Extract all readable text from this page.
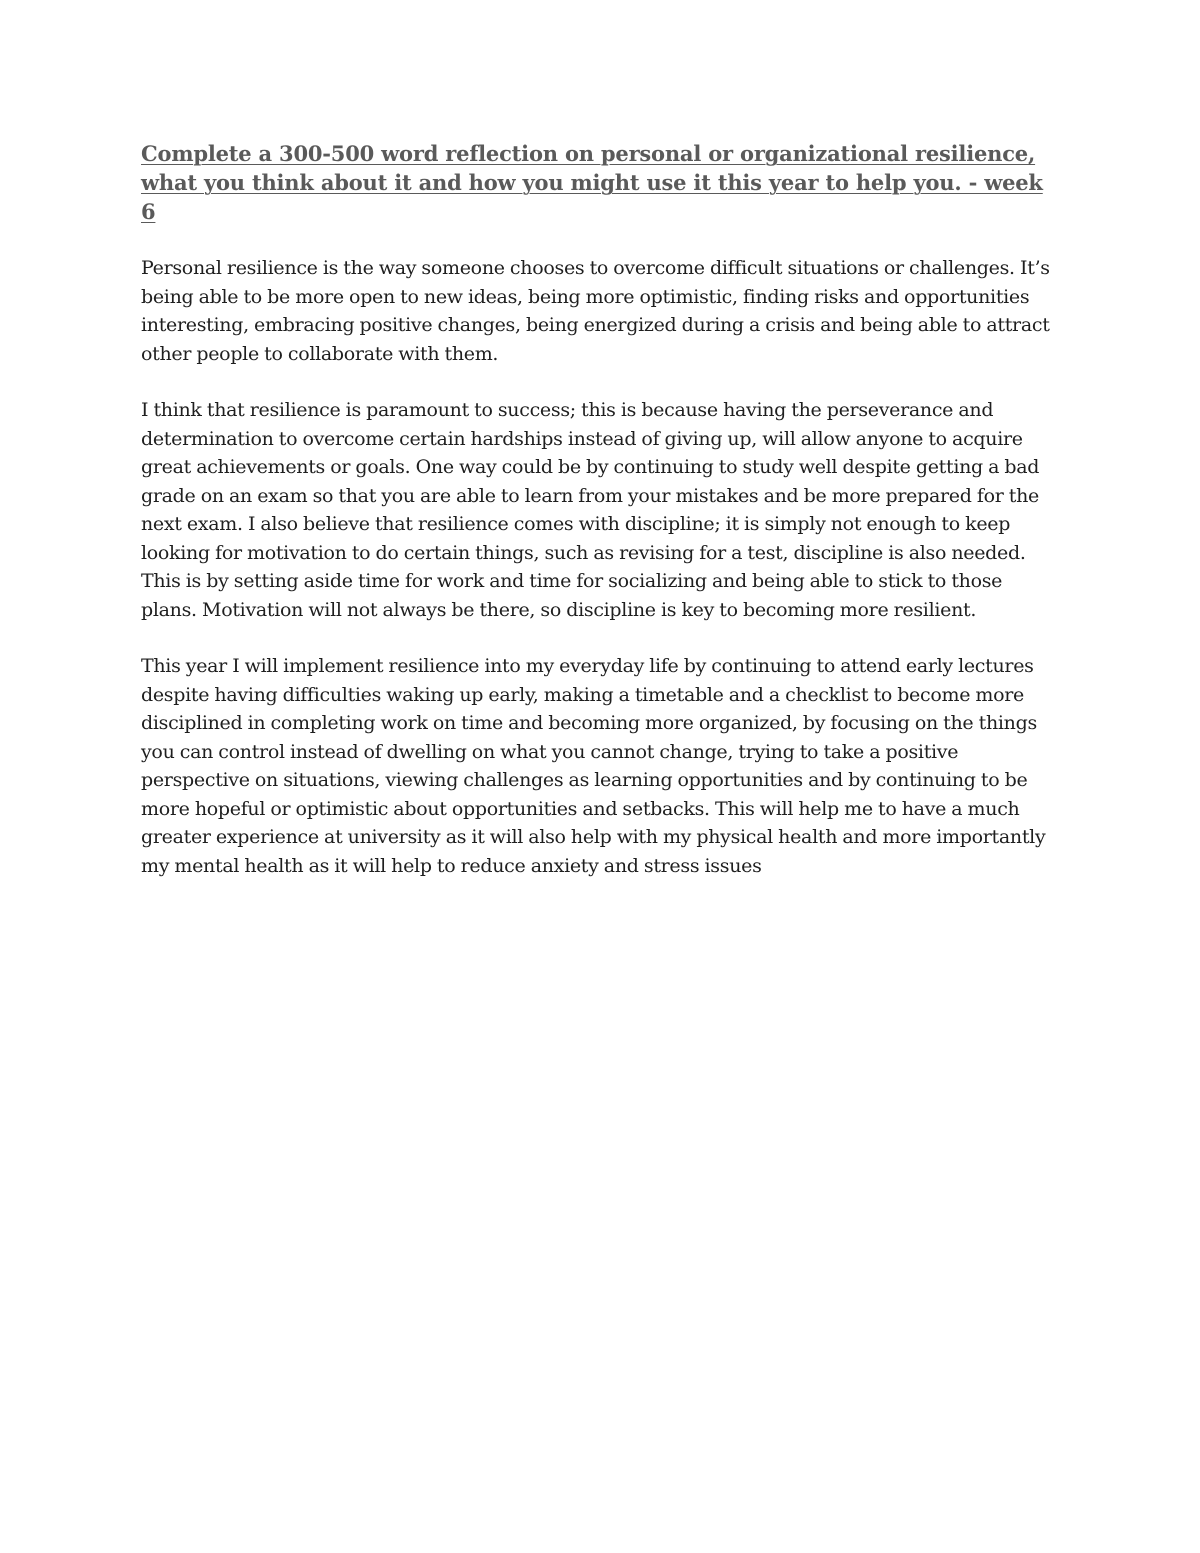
Complete a 300-500 word reflection on personal or organizational resilience, what you think about it and how you might use it this year to help you. - week 6

Personal resilience is the way someone chooses to overcome difficult situations or challenges. It’s being able to be more open to new ideas, being more optimistic, finding risks and opportunities interesting, embracing positive changes, being energized during a crisis and being able to attract other people to collaborate with them.

I think that resilience is paramount to success; this is because having the perseverance and determination to overcome certain hardships instead of giving up, will allow anyone to acquire great achievements or goals. One way could be by continuing to study well despite getting a bad grade on an exam so that you are able to learn from your mistakes and be more prepared for the next exam. I also believe that resilience comes with discipline; it is simply not enough to keep looking for motivation to do certain things, such as revising for a test, discipline is also needed. This is by setting aside time for work and time for socializing and being able to stick to those plans. Motivation will not always be there, so discipline is key to becoming more resilient.

This year I will implement resilience into my everyday life by continuing to attend early lectures despite having difficulties waking up early, making a timetable and a checklist to become more disciplined in completing work on time and becoming more organized, by focusing on the things you can control instead of dwelling on what you cannot change, trying to take a positive perspective on situations, viewing challenges as learning opportunities and by continuing to be more hopeful or optimistic about opportunities and setbacks. This will help me to have a much greater experience at university as it will also help with my physical health and more importantly my mental health as it will help to reduce anxiety and stress issues
